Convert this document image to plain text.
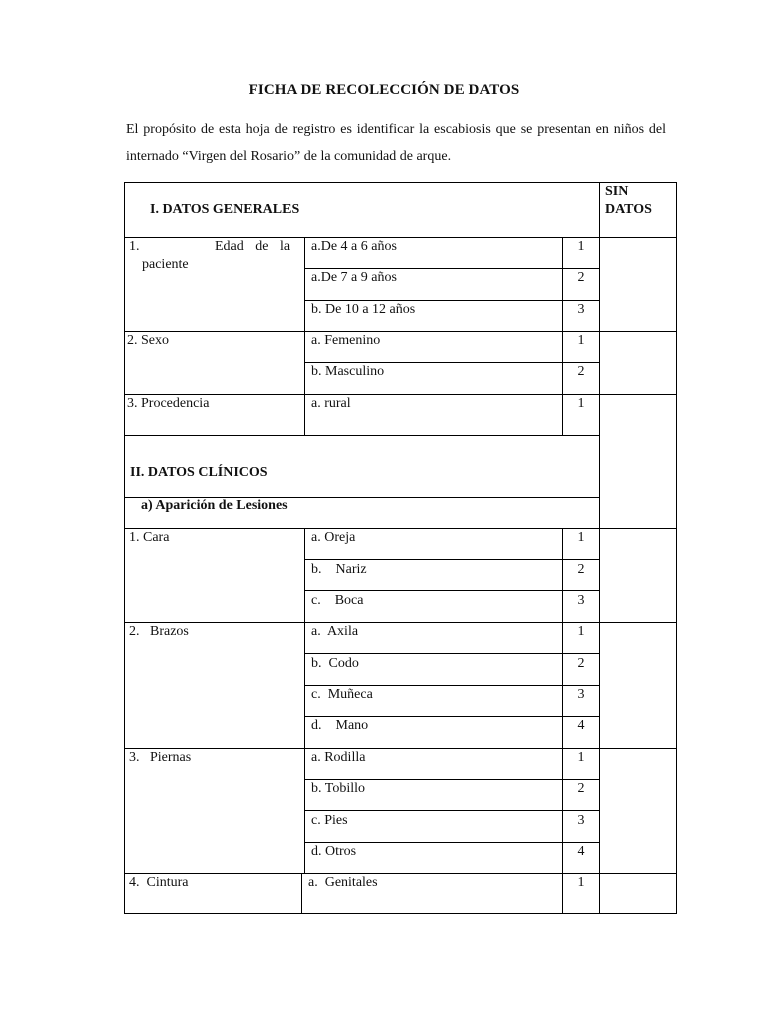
FICHA DE RECOLECCIÓN DE DATOS
El propósito de esta hoja de registro es identificar la escabiosis que se presentan en niños del internado “Virgen del Rosario” de la comunidad de arque.
I. DATOS GENERALES
SIN
DATOS
1.	Edad de la
paciente
a.De 4 a 6 años	1
a.De 7 a 9 años	2
b. De 10 a 12 años	3
2. Sexo	a. Femenino	1
b. Masculino	2
3. Procedencia	a. rural	1
II. DATOS CLÍNICOS
a) Aparición de Lesiones
1. Cara	a. Oreja	1
b.    Nariz	2
c.    Boca	3
2.   Brazos	a.  Axila	1
b.  Codo	2
c.  Muñeca	3
d.    Mano	4
3.   Piernas	a. Rodilla	1
b. Tobillo	2
c. Pies	3
d. Otros	4
4.  Cintura	a.  Genitales	1
